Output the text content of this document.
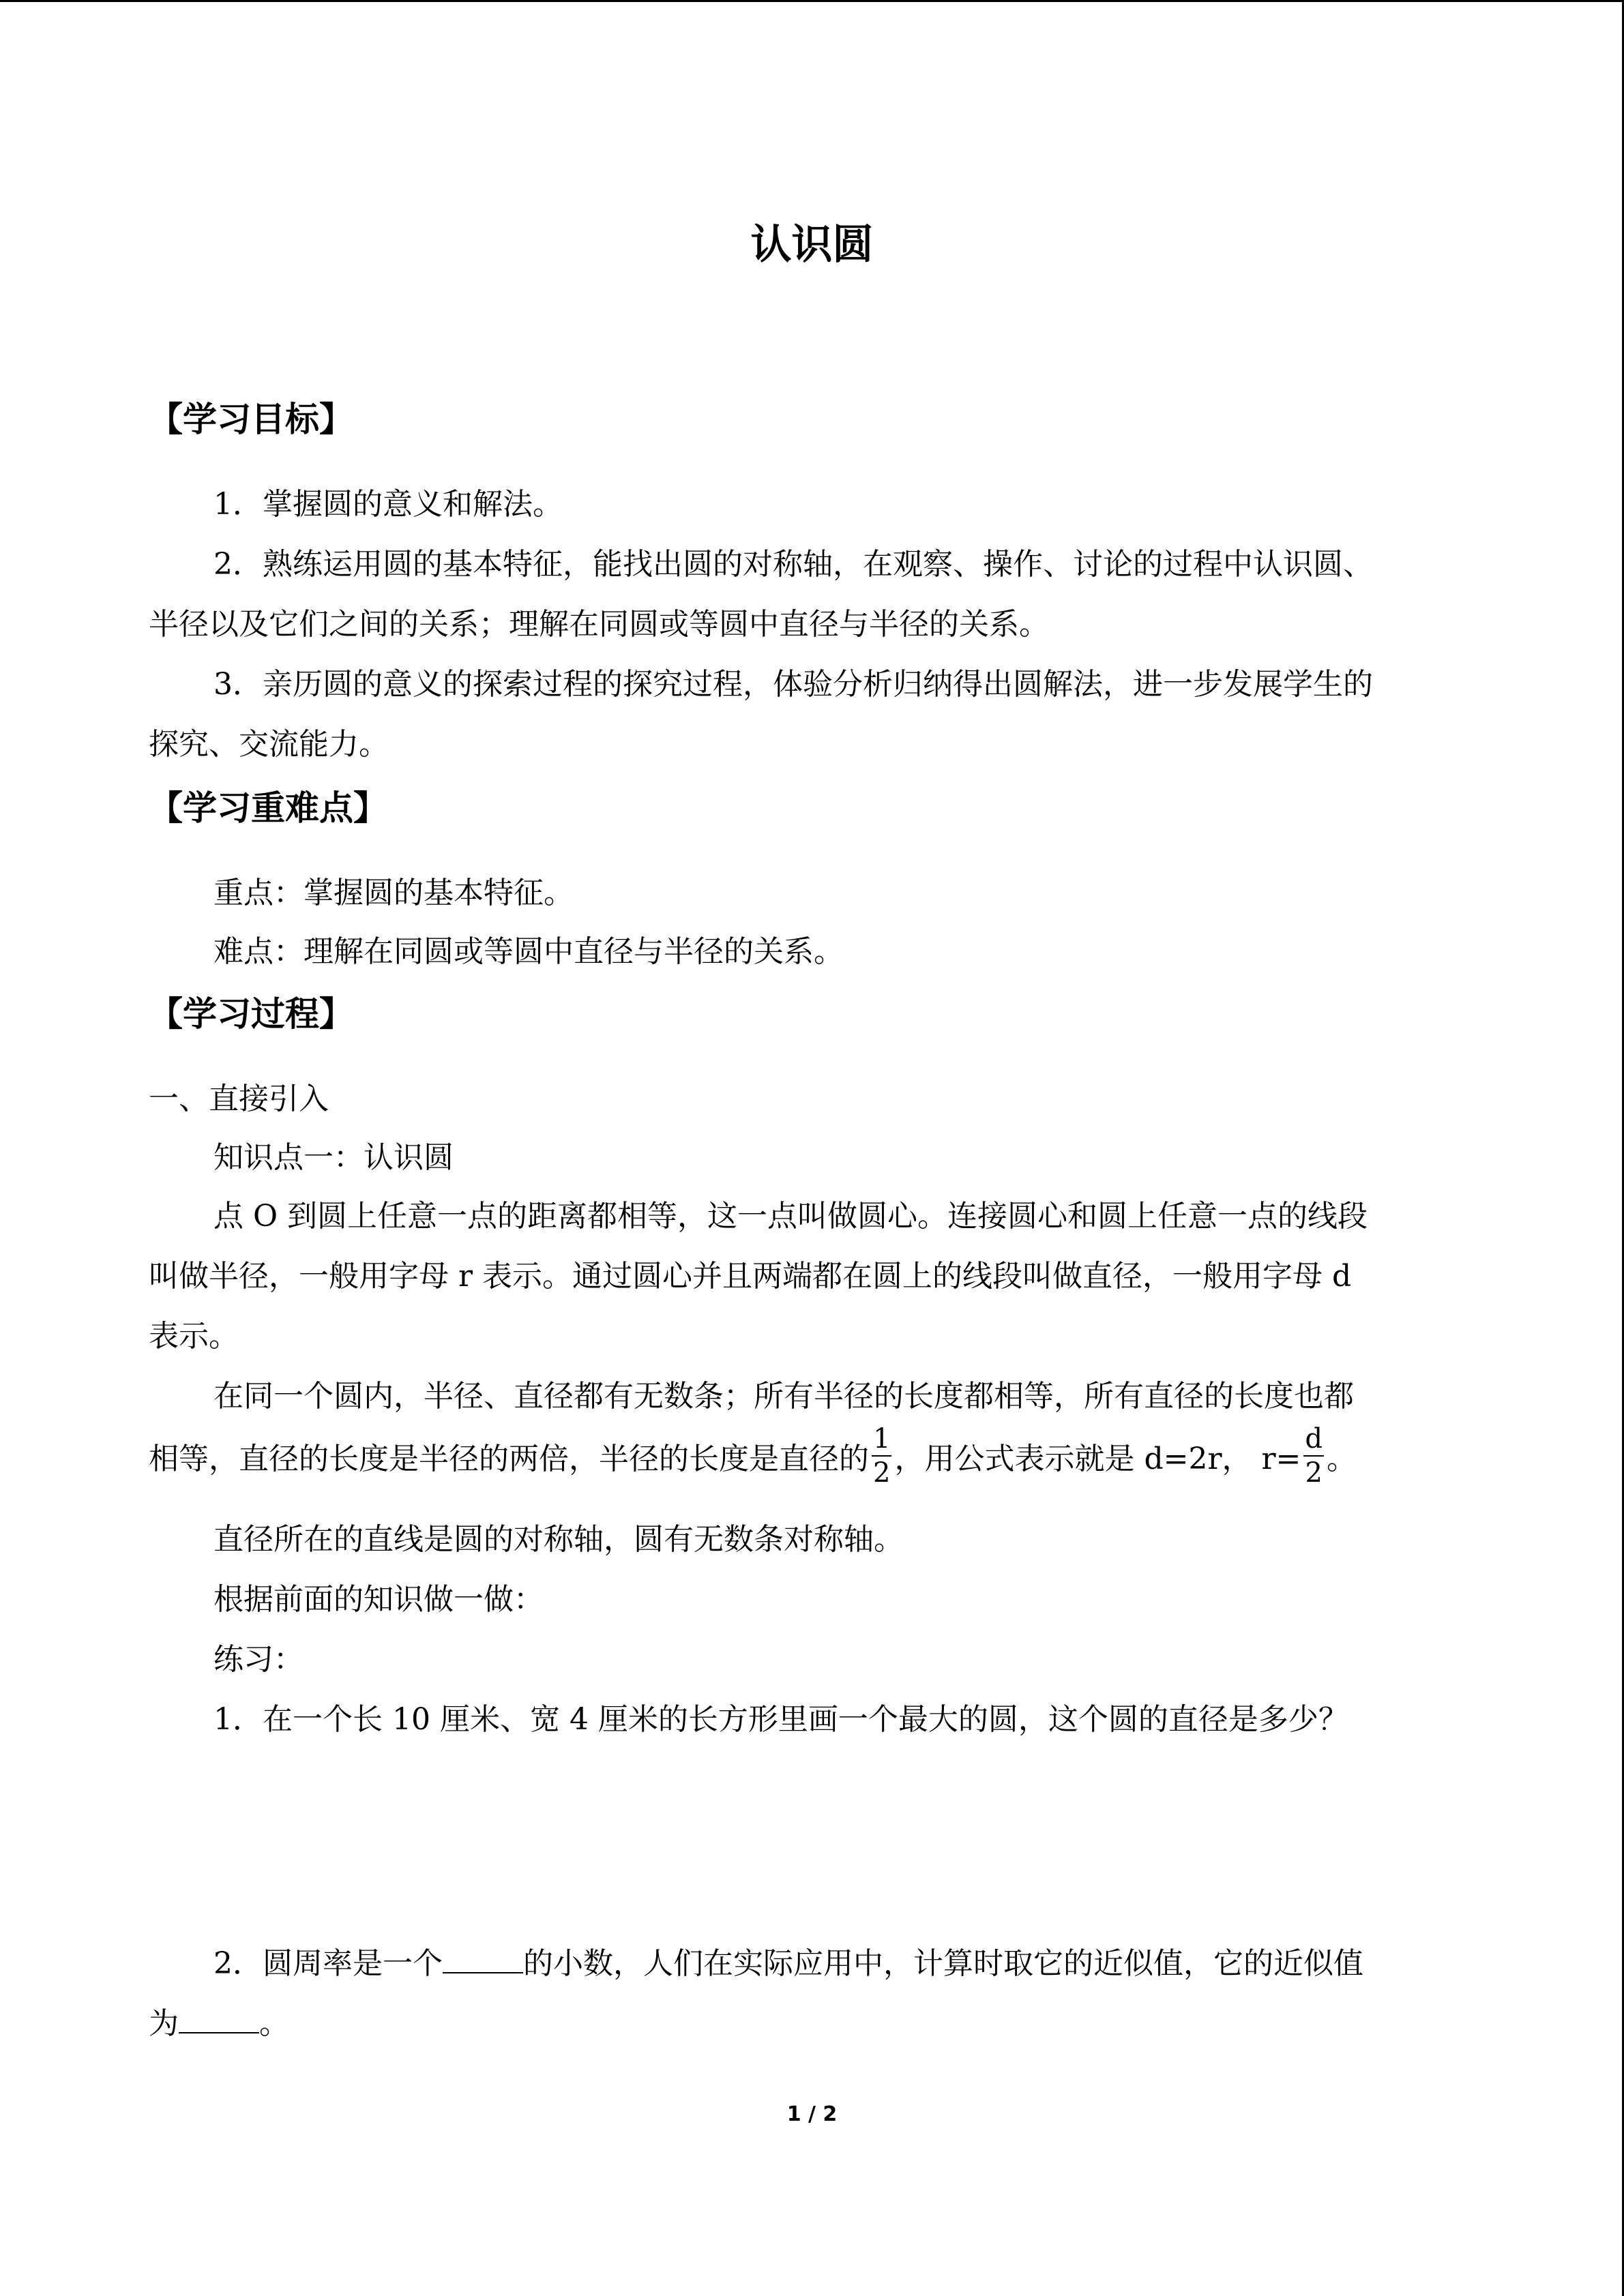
认识圆
【学习目标】
1．掌握圆的意义和解法。
2．熟练运用圆的基本特征，能找出圆的对称轴，在观察、操作、讨论的过程中认识圆、
半径以及它们之间的关系；理解在同圆或等圆中直径与半径的关系。
3．亲历圆的意义的探索过程的探究过程，体验分析归纳得出圆解法，进一步发展学生的
探究、交流能力。
【学习重难点】
重点：掌握圆的基本特征。
难点：理解在同圆或等圆中直径与半径的关系。
【学习过程】
一、直接引入
知识点一：认识圆
点 O 到圆上任意一点的距离都相等，这一点叫做圆心。连接圆心和圆上任意一点的线段
叫做半径，一般用字母 r 表示。通过圆心并且两端都在圆上的线段叫做直径，一般用字母 d
表示。
在同一个圆内，半径、直径都有无数条；所有半径的长度都相等，所有直径的长度也都
相等，直径的长度是半径的两倍，半径的长度是直径的 $\frac{1}{2}$ ，用公式表示就是 d=2r， $r= \frac{d}{2}$ 。
直径所在的直线是圆的对称轴，圆有无数条对称轴。
根据前面的知识做一做：
练习：
1．在一个长 10 厘米、宽 4 厘米的长方形里画一个最大的圆，这个圆的直径是多少？
2．圆周率是一个	的小数，人们在实际应用中，计算时取它的近似值，它的近似值
为	。
1 / 2
